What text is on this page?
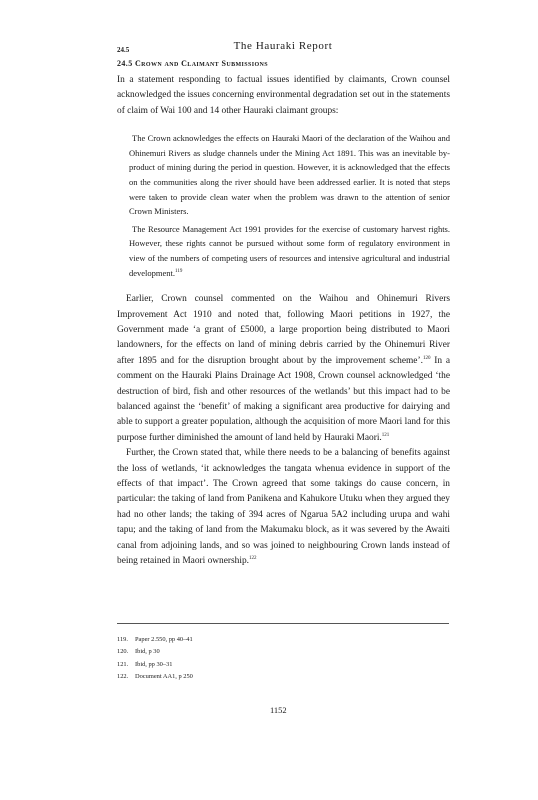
The Hauraki Report
24.5
24.5 Crown and Claimant Submissions

In a statement responding to factual issues identified by claimants, Crown counsel acknowledged the issues concerning environmental degradation set out in the statements of claim of Wai 100 and 14 other Hauraki claimant groups:

The Crown acknowledges the effects on Hauraki Maori of the declaration of the Waihou and Ohinemuri Rivers as sludge channels under the Mining Act 1891. This was an inevitable by-product of mining during the period in question. However, it is acknowledged that the effects on the communities along the river should have been addressed earlier. It is noted that steps were taken to provide clean water when the problem was drawn to the attention of senior Crown Ministers.

The Resource Management Act 1991 provides for the exercise of customary harvest rights. However, these rights cannot be pursued without some form of regulatory environment in view of the numbers of competing users of resources and intensive agricultural and industrial development.$^{119}$

Earlier, Crown counsel commented on the Waihou and Ohinemuri Rivers Improvement Act 1910 and noted that, following Maori petitions in 1927, the Government made ‘a grant of £5000, a large proportion being distributed to Maori landowners, for the effects on land of mining debris carried by the Ohinemuri River after 1895 and for the disruption brought about by the improvement scheme’.$^{120}$ In a comment on the Hauraki Plains Drainage Act 1908, Crown counsel acknowledged ‘the destruction of bird, fish and other resources of the wetlands’ but this impact had to be balanced against the ‘benefit’ of making a significant area productive for dairying and able to support a greater population, although the acquisition of more Maori land for this purpose further diminished the amount of land held by Hauraki Maori.$^{121}$

Further, the Crown stated that, while there needs to be a balancing of benefits against the loss of wetlands, ‘it acknowledges the tangata whenua evidence in support of the effects of that impact’. The Crown agreed that some takings do cause concern, in particular: the taking of land from Panikena and Kahukore Utuku when they argued they had no other lands; the taking of 394 acres of Ngarua 5A2 including urupa and wahi tapu; and the taking of land from the Makumaku block, as it was severed by the Awaiti canal from adjoining lands, and so was joined to neighbouring Crown lands instead of being retained in Maori ownership.$^{122}$

119. Paper 2.550, pp 40–41
120. Ibid, p 30
121. Ibid, pp 30–31
122. Document AA1, p 250
1152
